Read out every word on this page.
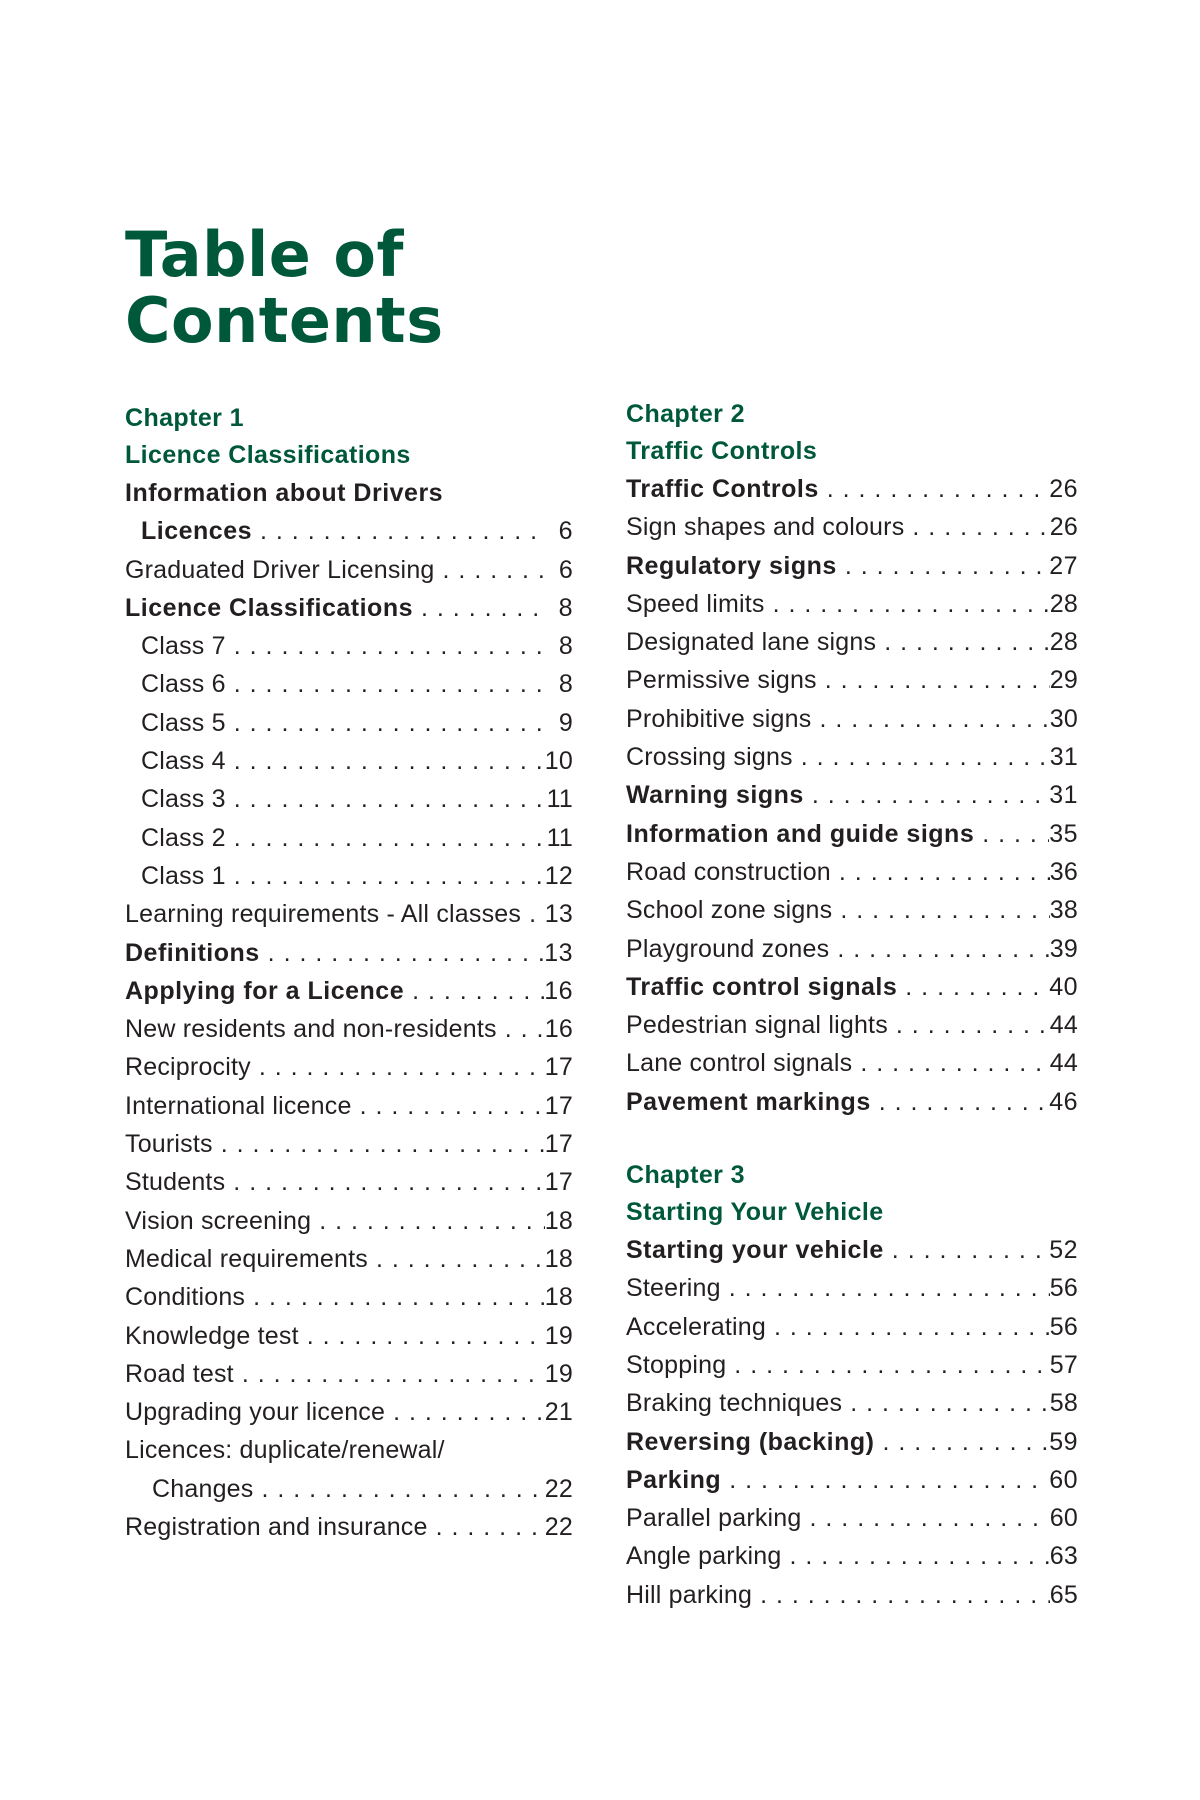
Table of
Contents
Chapter 1
Licence Classifications
Information about Drivers
Licences . . .	6
Graduated Driver Licensing . . .	6
Licence Classifications . . .	8
Class 7 . . .	8
Class 6 . . .	8
Class 5 . . .	9
Class 4 . . .	10
Class 3 . . .	11
Class 2 . . .	11
Class 1 . . .	12
Learning requirements - All classes . . . 13
Definitions . . .	13
Applying for a Licence . . .	16
New residents and non-residents . . . 16
Reciprocity . . .	17
International licence . . .	17
Tourists . . .	17
Students . . .	17
Vision screening . . .	18
Medical requirements . . .	18
Conditions . . .	18
Knowledge test . . .	19
Road test . . .	19
Upgrading your licence . . .	21
Licences: duplicate/renewal/
Changes . . .	22
Registration and insurance . . .	22
Chapter 2
Traffic Controls
Traffic Controls . . .	26
Sign shapes and colours . . .	26
Regulatory signs . . .	27
Speed limits . . .	28
Designated lane signs . . .	28
Permissive signs . . .	29
Prohibitive signs . . .	30
Crossing signs . . .	31
Warning signs . . .	31
Information and guide signs . . .	35
Road construction . . .	36
School zone signs . . .	38
Playground zones . . .	39
Traffic control signals . . .	40
Pedestrian signal lights . . .	44
Lane control signals . . .	44
Pavement markings . . .	46
Chapter 3
Starting Your Vehicle
Starting your vehicle . . .	52
Steering . . .	56
Accelerating . . .	56
Stopping . . .	57
Braking techniques . . .	58
Reversing (backing) . . .	59
Parking . . .	60
Parallel parking . . .	60
Angle parking . . .	63
Hill parking . . .	65
